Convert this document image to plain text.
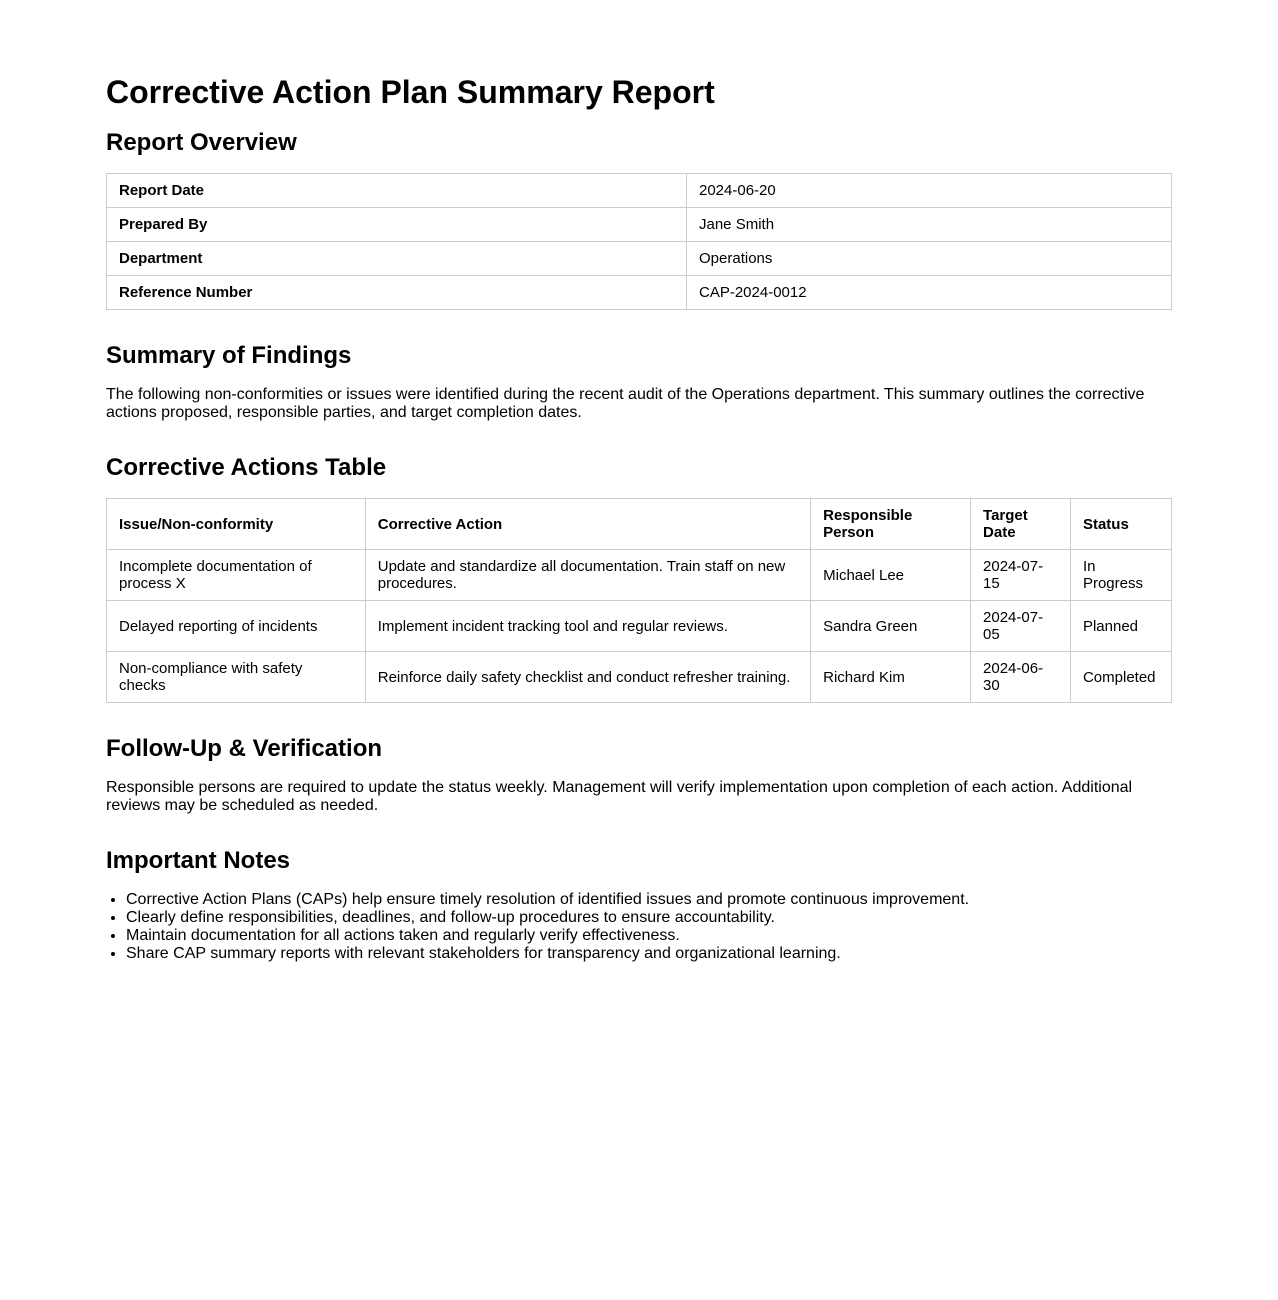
Corrective Action Plan Summary Report
Report Overview
Report Date	2024-06-20
Prepared By	Jane Smith
Department	Operations
Reference Number	CAP-2024-0012
Summary of Findings

The following non-conformities or issues were identified during the recent audit of the Operations department. This summary outlines the corrective actions proposed, responsible parties, and target completion dates.

Corrective Actions Table
Issue/Non-conformity	Corrective Action	Responsible Person	Target Date	Status
Incomplete documentation of process X	Update and standardize all documentation. Train staff on new procedures.	Michael Lee	2024-07-15	In Progress
Delayed reporting of incidents	Implement incident tracking tool and regular reviews.	Sandra Green	2024-07-05	Planned
Non-compliance with safety checks	Reinforce daily safety checklist and conduct refresher training.	Richard Kim	2024-06-30	Completed
Follow-Up & Verification

Responsible persons are required to update the status weekly. Management will verify implementation upon completion of each action. Additional reviews may be scheduled as needed.

Important Notes
• Corrective Action Plans (CAPs) help ensure timely resolution of identified issues and promote continuous improvement.
• Clearly define responsibilities, deadlines, and follow-up procedures to ensure accountability.
• Maintain documentation for all actions taken and regularly verify effectiveness.
• Share CAP summary reports with relevant stakeholders for transparency and organizational learning.
